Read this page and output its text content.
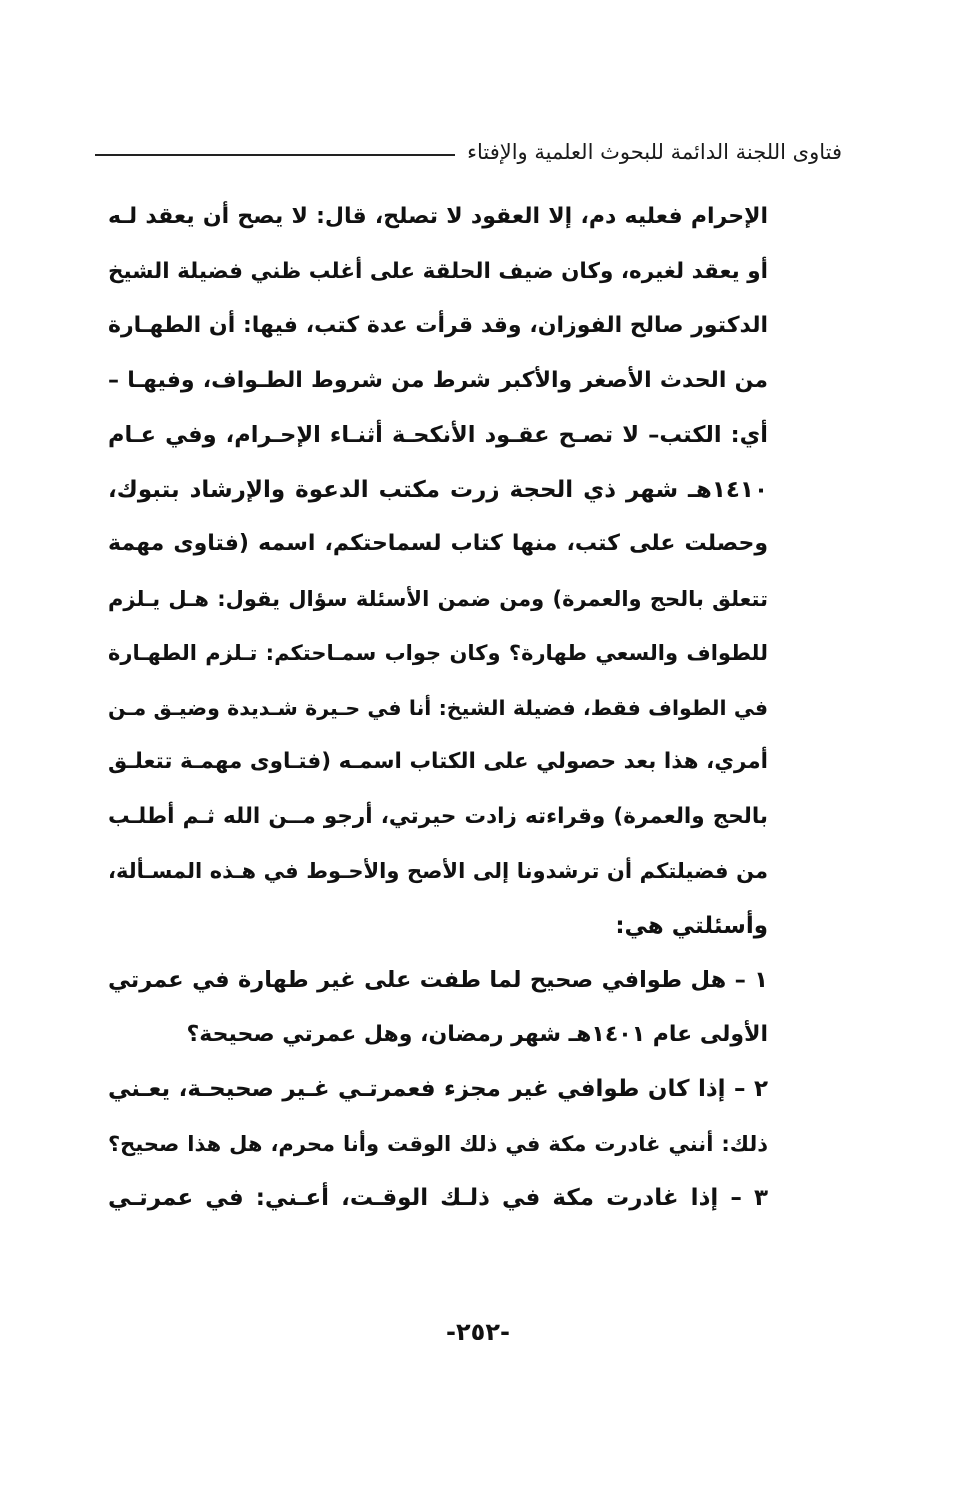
فتاوى اللجنة الدائمة للبحوث العلمية والإفتاء
الإحرام فعليه دم، إلا العقود لا تصلح، قال: لا يصح أن يعقد لـه
أو يعقد لغيره، وكان ضيف الحلقة على أغلب ظني فضيلة الشيخ
الدكتور صالح الفوزان، وقد قرأت عدة كتب، فيها: أن الطهـارة
من الحدث الأصغر والأكبر شرط من شروط الطـواف، وفيهـا –
أي: الكتب– لا تصـح عقـود الأنكحـة أثنـاء الإحـرام، وفي عـام
١٤١٠هـ شهر ذي الحجة زرت مكتب الدعوة والإرشاد بتبوك،
وحصلت على كتب، منها كتاب لسماحتكم، اسمه (فتاوى مهمة
تتعلق بالحج والعمرة) ومن ضمن الأسئلة سؤال يقول: هـل يـلزم
للطواف والسعي طهارة؟ وكان جواب سمـاحتكم: تـلزم الطهـارة
في الطواف فقط، فضيلة الشيخ: أنا في حـيرة شـديدة وضيـق مـن
أمري، هذا بعد حصولي على الكتاب اسمـه (فتـاوى مهمـة تتعلـق
بالحج والعمرة) وقراءته زادت حيرتي، أرجو مــن الله ثـم أطلـب
من فضيلتكم أن ترشدونا إلى الأصح والأحـوط في هـذه المسـألة،
وأسئلتي هي:
١ – هل طوافي صحيح لما طفت على غير طهارة في عمرتي
الأولى عام ١٤٠١هـ شهر رمضان، وهل عمرتي صحيحة؟
٢ – إذا كان طوافي غير مجزء فعمرتـي غـير صحيحـة، يعـني
ذلك: أنني غادرت مكة في ذلك الوقت وأنا محرم، هل هذا صحيح؟
٣ – إذا غادرت مكة في ذلـك الوقـت، أعـني: في عمرتـي
-٢٥٢-
